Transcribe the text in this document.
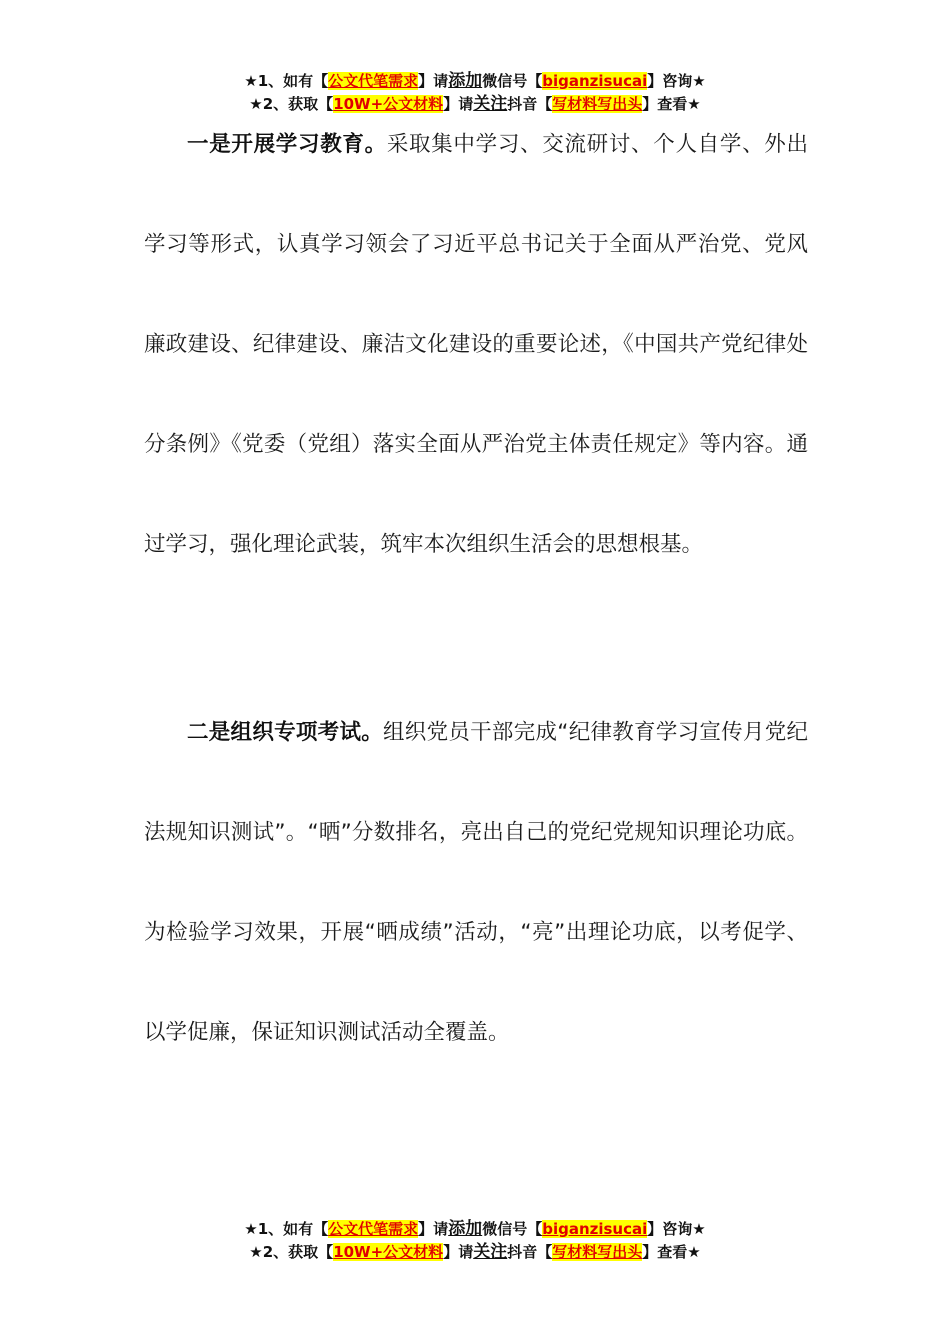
★1、如有【公文代笔需求】请添加微信号【biganzisucai】咨询★
★2、获取【10W+公文材料】请关注抖音【写材料写出头】查看★

一是开展学习教育。采取集中学习、交流研讨、个人自学、外出学习等形式，认真学习领会了习近平总书记关于全面从严治党、党风廉政建设、纪律建设、廉洁文化建设的重要论述，《中国共产党纪律处分条例》《党委（党组）落实全面从严治党主体责任规定》等内容。通过学习，强化理论武装，筑牢本次组织生活会的思想根基。

二是组织专项考试。组织党员干部完成“纪律教育学习宣传月党纪法规知识测试”。“晒”分数排名，亮出自己的党纪党规知识理论功底。为检验学习效果，开展“晒成绩”活动，“亮”出理论功底，以考促学、以学促廉，保证知识测试活动全覆盖。

★1、如有【公文代笔需求】请添加微信号【biganzisucai】咨询★
★2、获取【10W+公文材料】请关注抖音【写材料写出头】查看★
